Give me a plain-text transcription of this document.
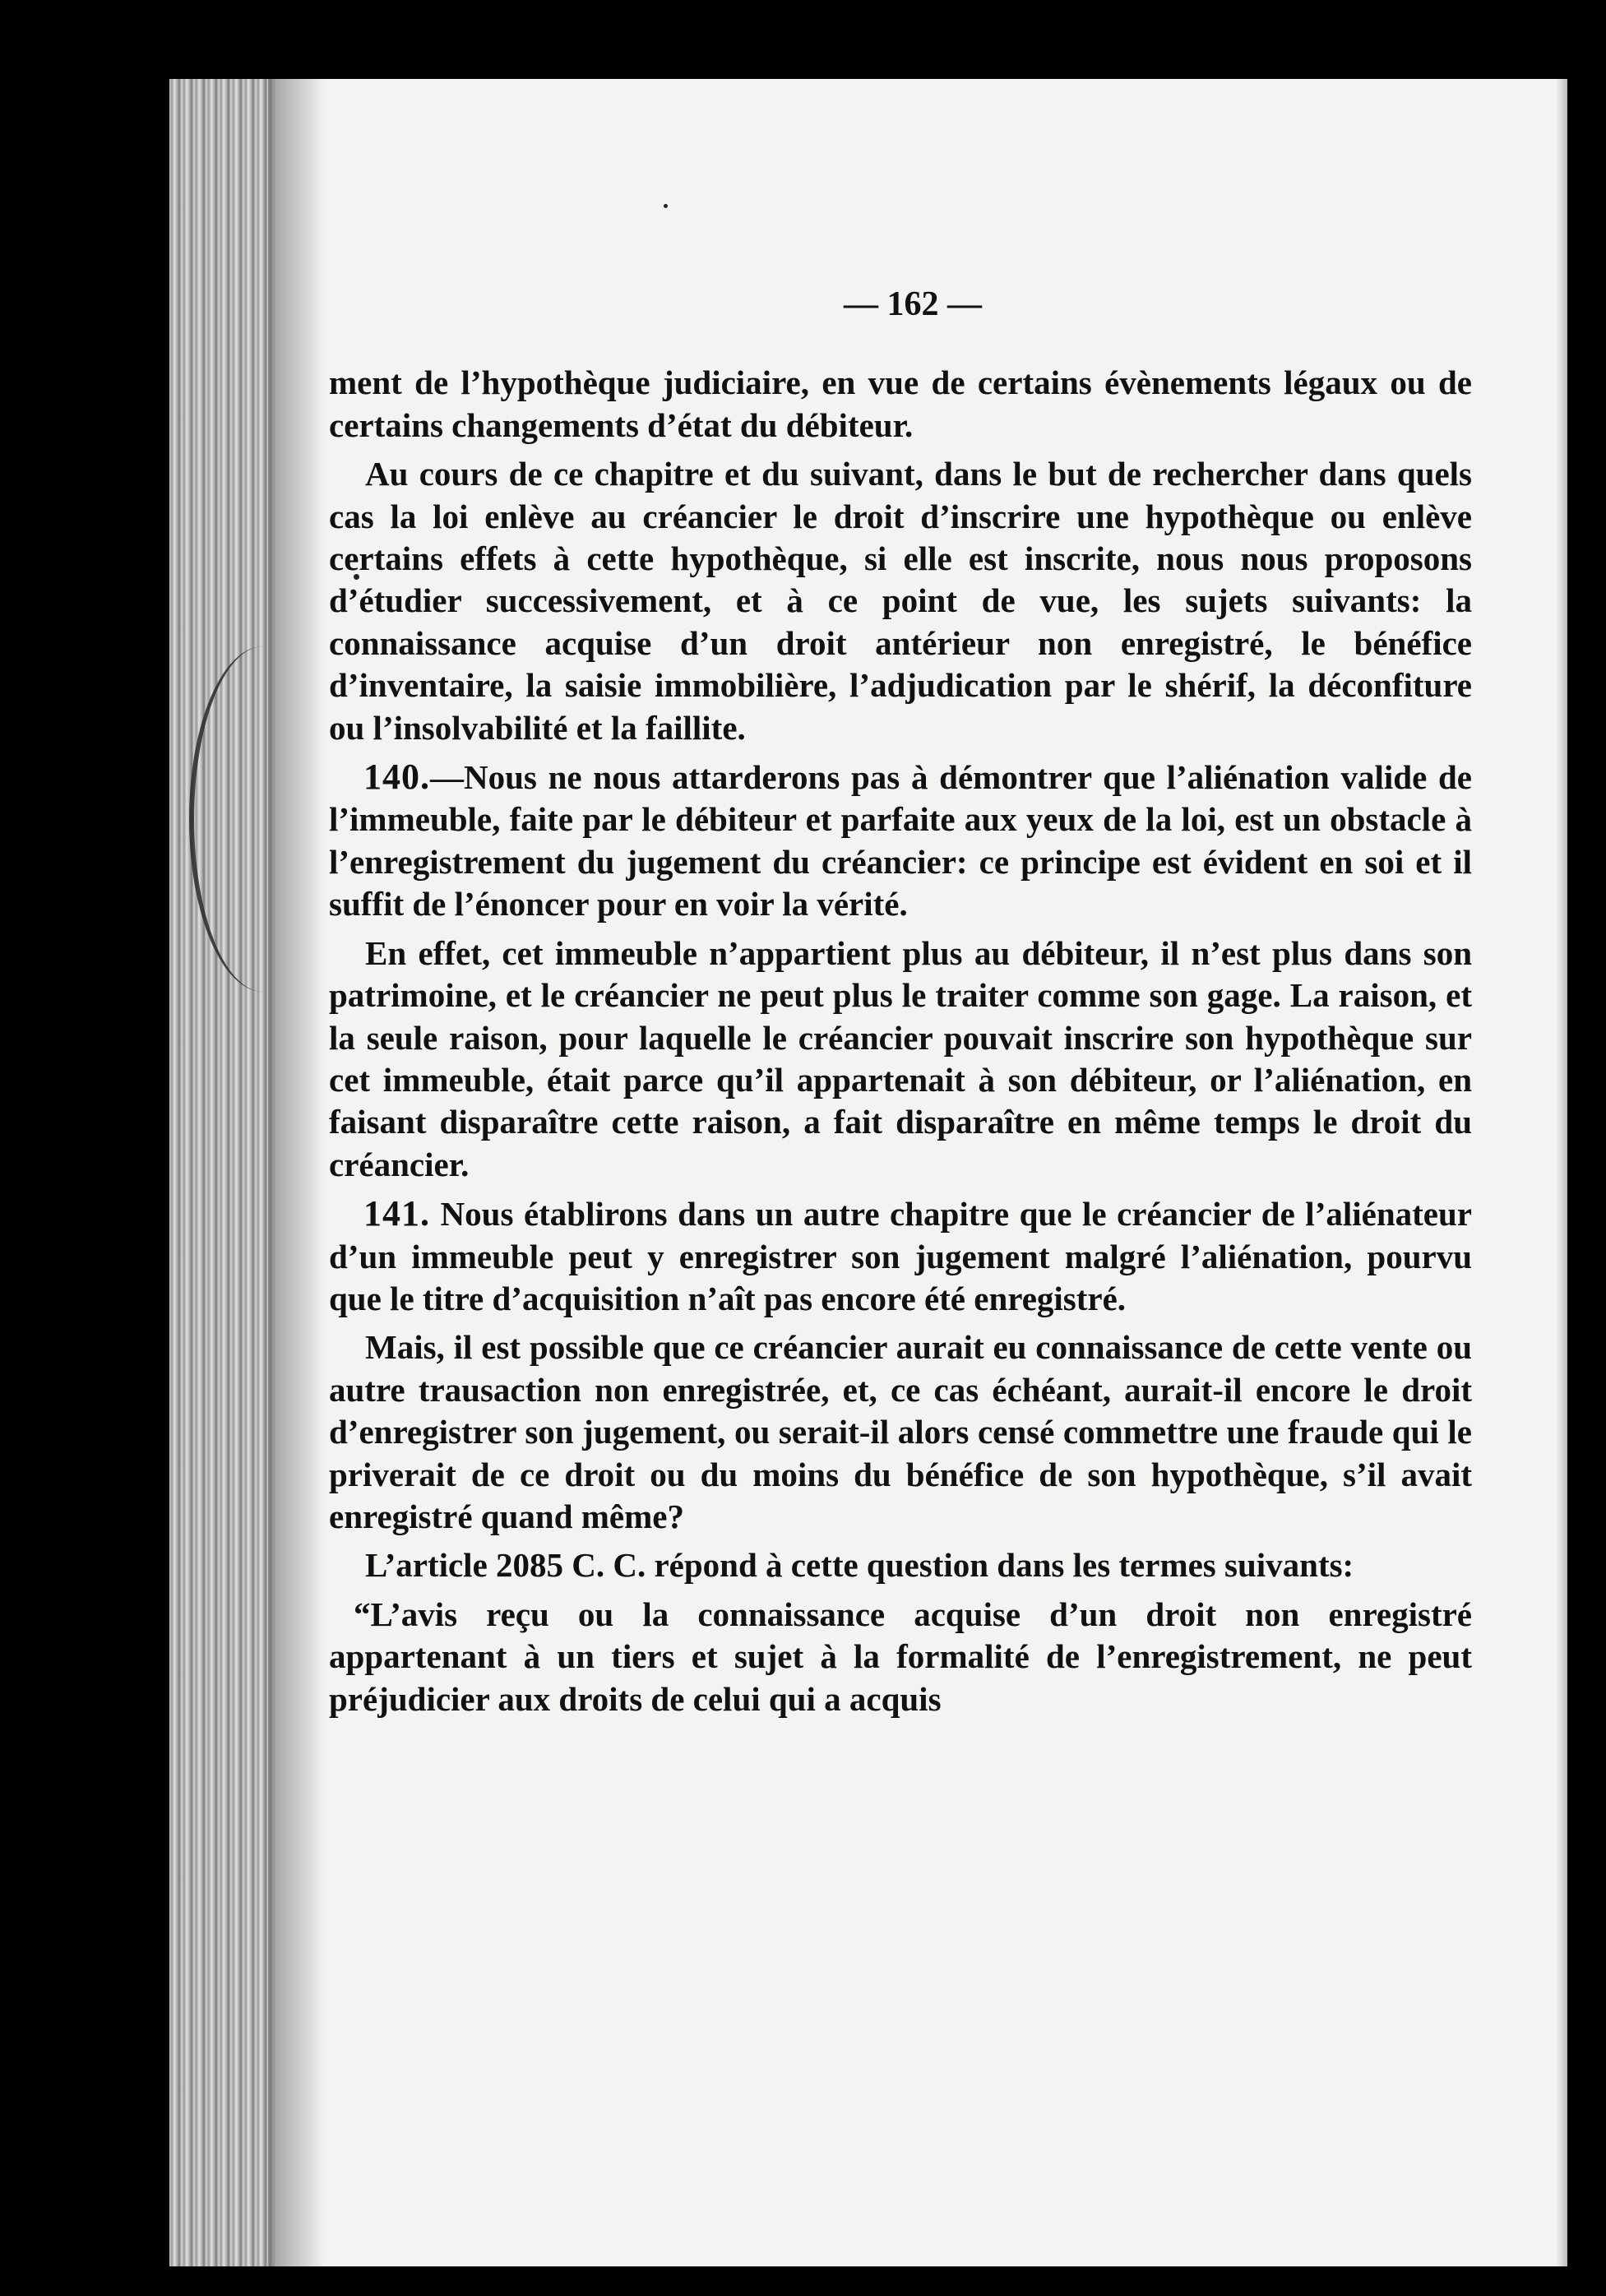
— 162 —

ment de l’hypothèque judiciaire, en vue de certains évènements légaux ou de certains changements d’état du débiteur.

Au cours de ce chapitre et du suivant, dans le but de rechercher dans quels cas la loi enlève au créancier le droit d’inscrire une hypothèque ou enlève certains effets à cette hypothèque, si elle est inscrite, nous nous proposons d’étudier successivement, et à ce point de vue, les sujets suivants: la connaissance acquise d’un droit antérieur non enregistré, le bénéfice d’inventaire, la saisie immobilière, l’adjudication par le shérif, la déconfiture ou l’insolvabilité et la faillite.

140.—Nous ne nous attarderons pas à démontrer que l’aliénation valide de l’immeuble, faite par le débiteur et parfaite aux yeux de la loi, est un obstacle à l’enregistrement du jugement du créancier: ce principe est évident en soi et il suffit de l’énoncer pour en voir la vérité.

En effet, cet immeuble n’appartient plus au débiteur, il n’est plus dans son patrimoine, et le créancier ne peut plus le traiter comme son gage. La raison, et la seule raison, pour laquelle le créancier pouvait inscrire son hypothèque sur cet immeuble, était parce qu’il appartenait à son débiteur, or l’aliénation, en faisant disparaître cette raison, a fait disparaître en même temps le droit du créancier.

141. Nous établirons dans un autre chapitre que le créancier de l’aliénateur d’un immeuble peut y enregistrer son jugement malgré l’aliénation, pourvu que le titre d’acquisition n’aît pas encore été enregistré.

Mais, il est possible que ce créancier aurait eu connaissance de cette vente ou autre trausaction non enregistrée, et, ce cas échéant, aurait-il encore le droit d’enregistrer son jugement, ou serait-il alors censé commettre une fraude qui le priverait de ce droit ou du moins du bénéfice de son hypothèque, s’il avait enregistré quand même?

L’article 2085 C. C. répond à cette question dans les termes suivants:

“L’avis reçu ou la connaissance acquise d’un droit non enregistré appartenant à un tiers et sujet à la formalité de l’enregistrement, ne peut préjudicier aux droits de celui qui a acquis
